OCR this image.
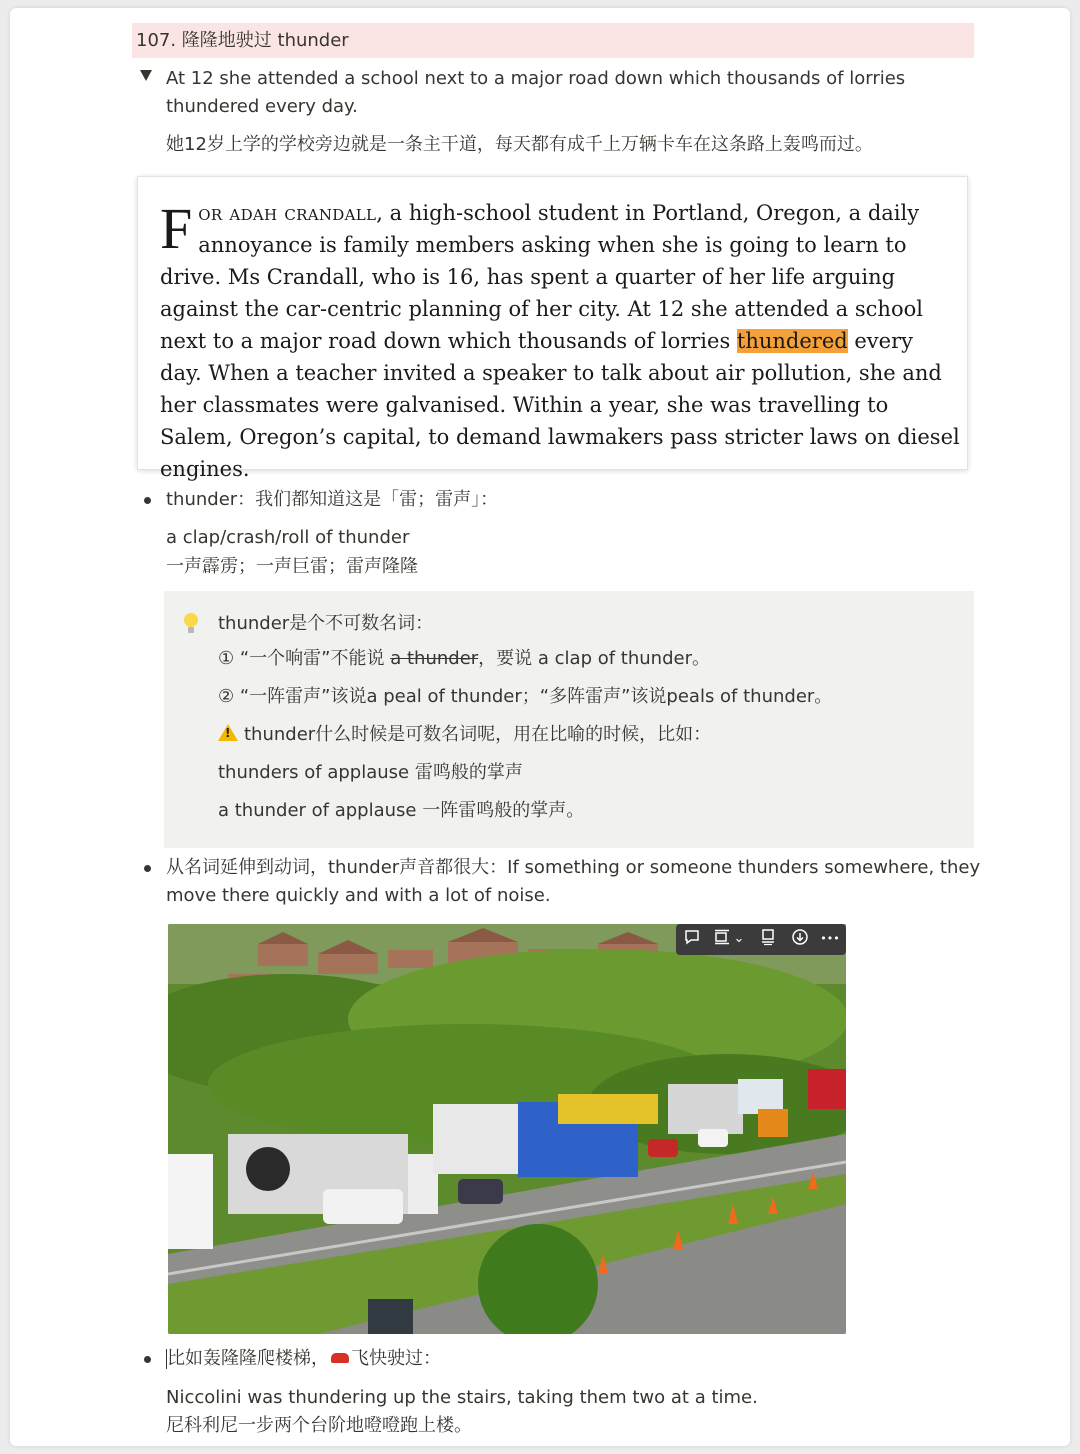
107. 隆隆地驶过 thunder
At 12 she attended a school next to a major road down which thousands of lorries thundered every day.
她12岁上学的学校旁边就是一条主干道，每天都有成千上万辆卡车在这条路上轰鸣而过。

For adah crandall, a high-school student in Portland, Oregon, a daily annoyance is family members asking when she is going to learn to drive. Ms Crandall, who is 16, has spent a quarter of her life arguing against the car-centric planning of her city. At 12 she attended a school next to a major road down which thousands of lorries thundered every day. When a teacher invited a speaker to talk about air pollution, she and her classmates were galvanised. Within a year, she was travelling to Salem, Oregon’s capital, to demand lawmakers pass stricter laws on diesel engines.

thunder：我们都知道这是「雷；雷声」：
a clap/crash/roll of thunder
一声霹雳；一声巨雷；雷声隆隆
thunder是个不可数名词：
① “一个响雷”不能说 a thunder，要说 a clap of thunder。
② “一阵雷声”该说a peal of thunder；“多阵雷声”该说peals of thunder。
!thunder什么时候是可数名词呢，用在比喻的时候，比如：
thunders of applause 雷鸣般的掌声
a thunder of applause 一阵雷鸣般的掌声。
从名词延伸到动词，thunder声音都很大：If something or someone thunders somewhere, they
move there quickly and with a lot of noise.
⌄	•••
比如轰隆隆爬楼梯， 飞快驶过：
Niccolini was thundering up the stairs, taking them two at a time.
尼科利尼一步两个台阶地噔噔跑上楼。
